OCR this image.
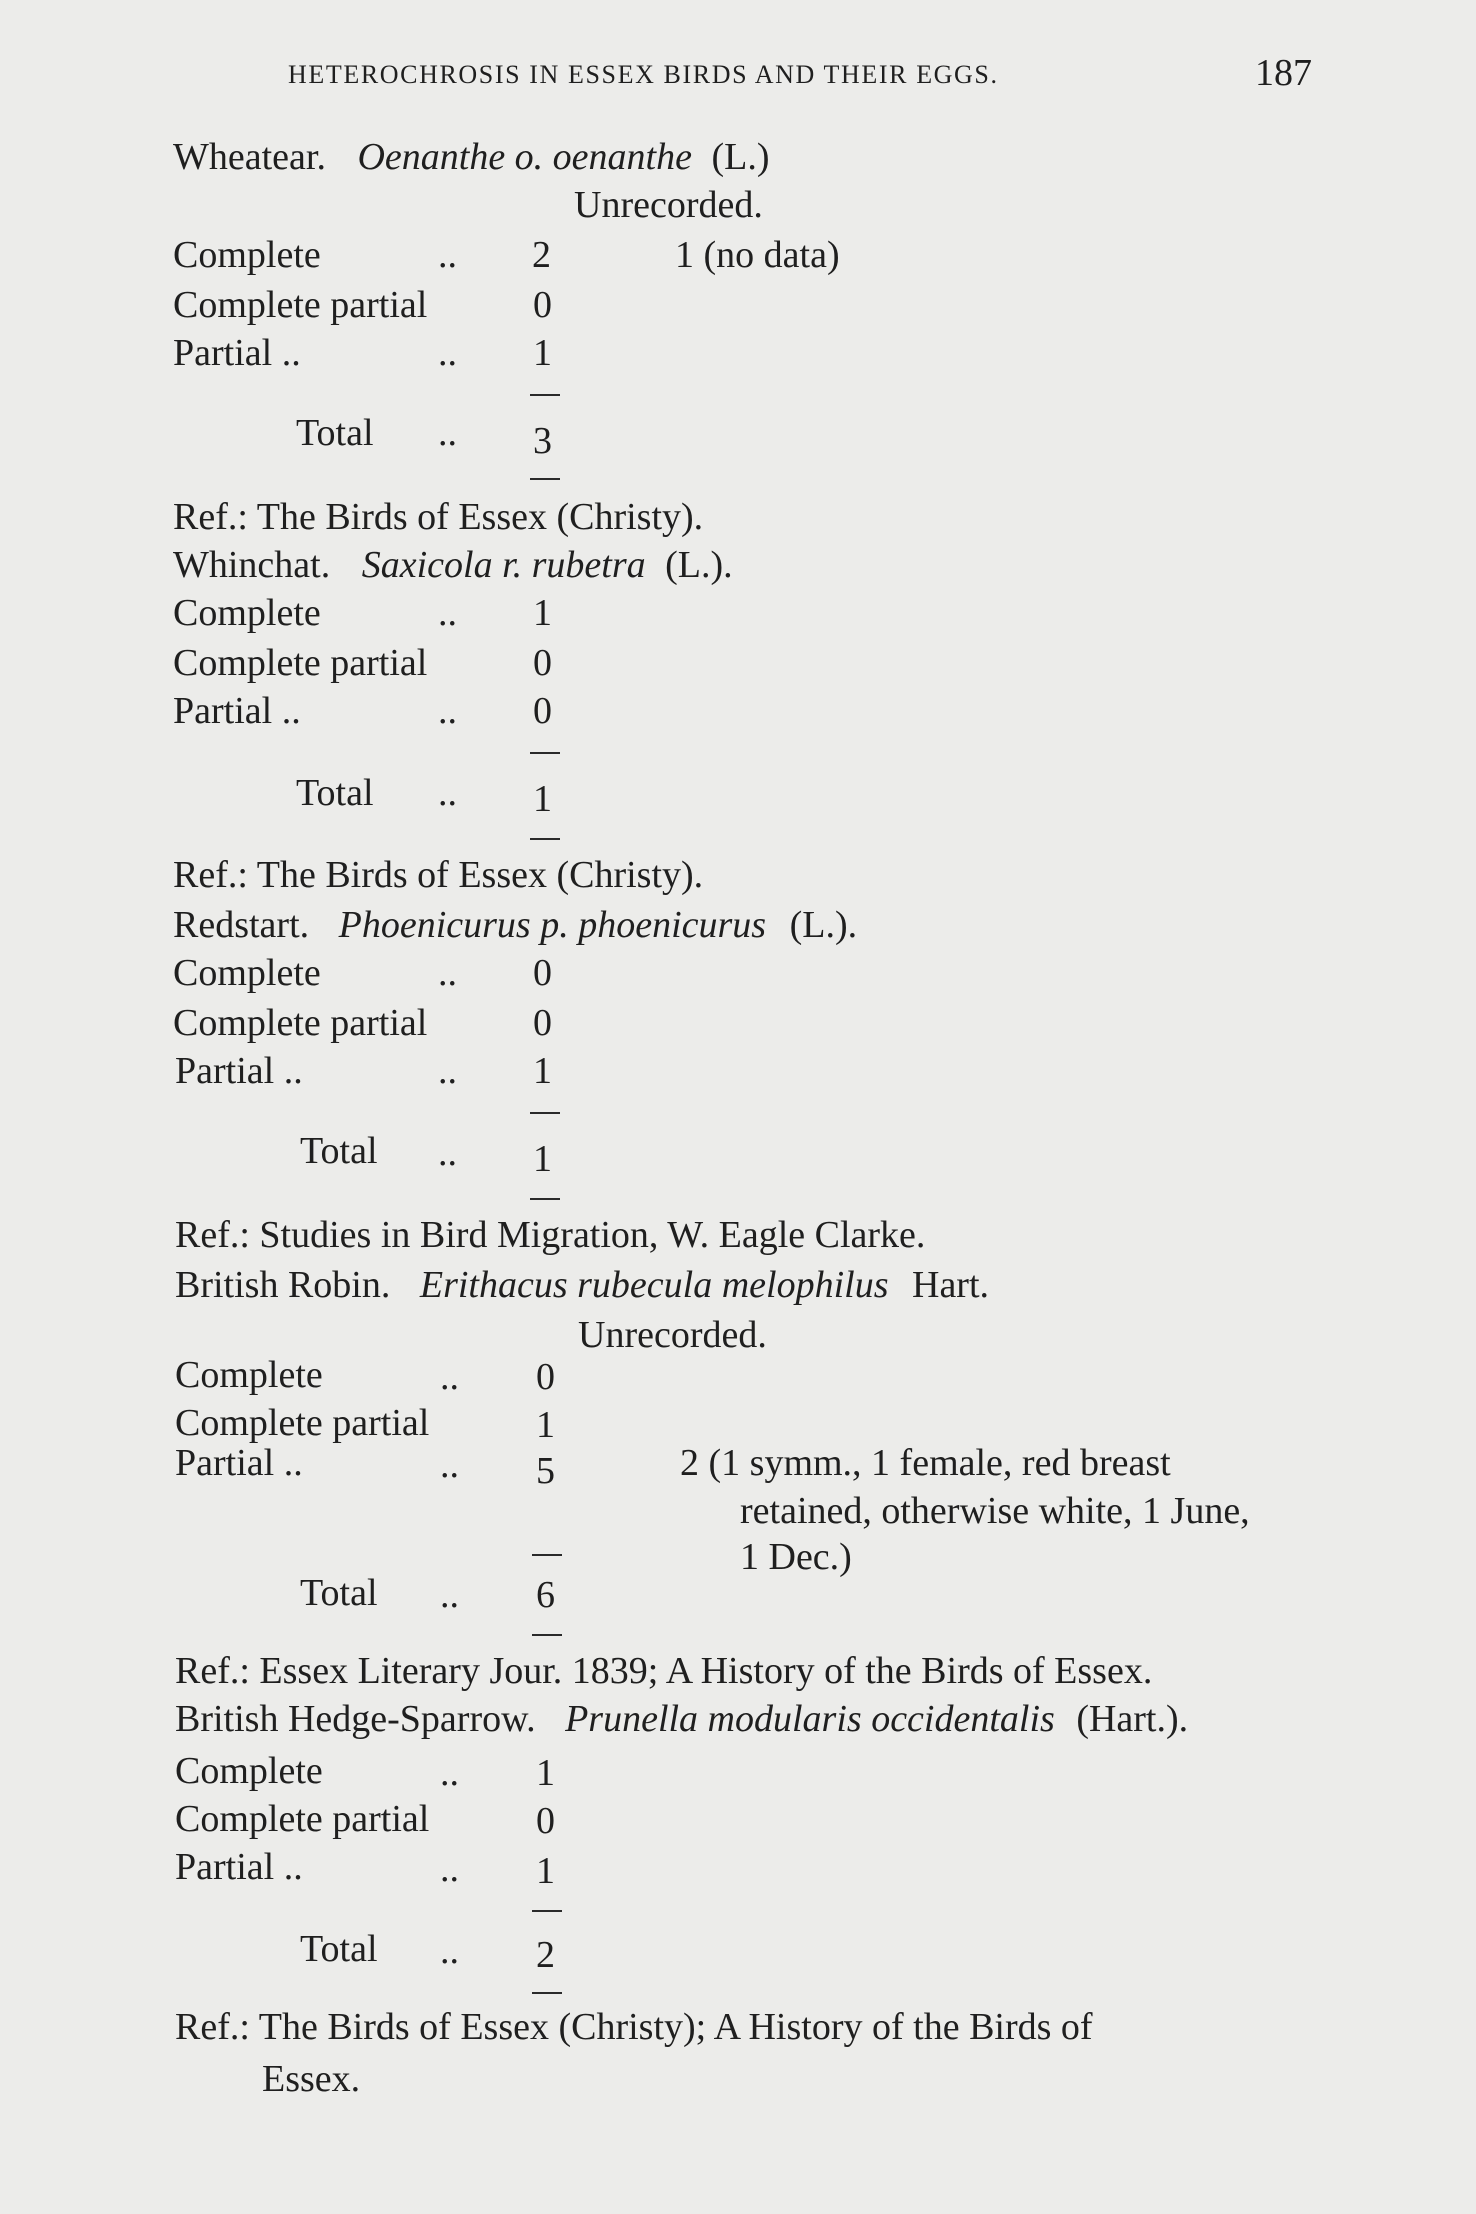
HETEROCHROSIS IN ESSEX BIRDS AND THEIR EGGS.	187
Wheatear. Oenanthe o. oenanthe (L.)
Unrecorded.
Complete	.. 2	1 (no data)
Complete partial	0
Partial ..	.. 1
Total .. 3
Ref.: The Birds of Essex (Christy).
Whinchat. Saxicola r. rubetra (L.).
Complete	.. 1
Complete partial	0
Partial ..	.. 0
Total .. 1
Ref.: The Birds of Essex (Christy).
Redstart. Phoenicurus p. phoenicurus (L.).
Complete	.. 0
Complete partial	0
Partial ..	.. 1
Total .. 1
Ref.: Studies in Bird Migration, W. Eagle Clarke.
British Robin. Erithacus rubecula melophilus Hart.
Unrecorded.
Complete	.. 0
Complete partial	1
Partial ..	.. 5	2 (1 symm., 1 female, red breast
retained, otherwise white, 1 June,
1 Dec.)
Total .. 6
Ref.: Essex Literary Jour. 1839; A History of the Birds of Essex.
British Hedge-Sparrow. Prunella modularis occidentalis (Hart.).
Complete	.. 1
Complete partial	0
Partial ..	.. 1
Total .. 2
Ref.: The Birds of Essex (Christy); A History of the Birds of
Essex.
